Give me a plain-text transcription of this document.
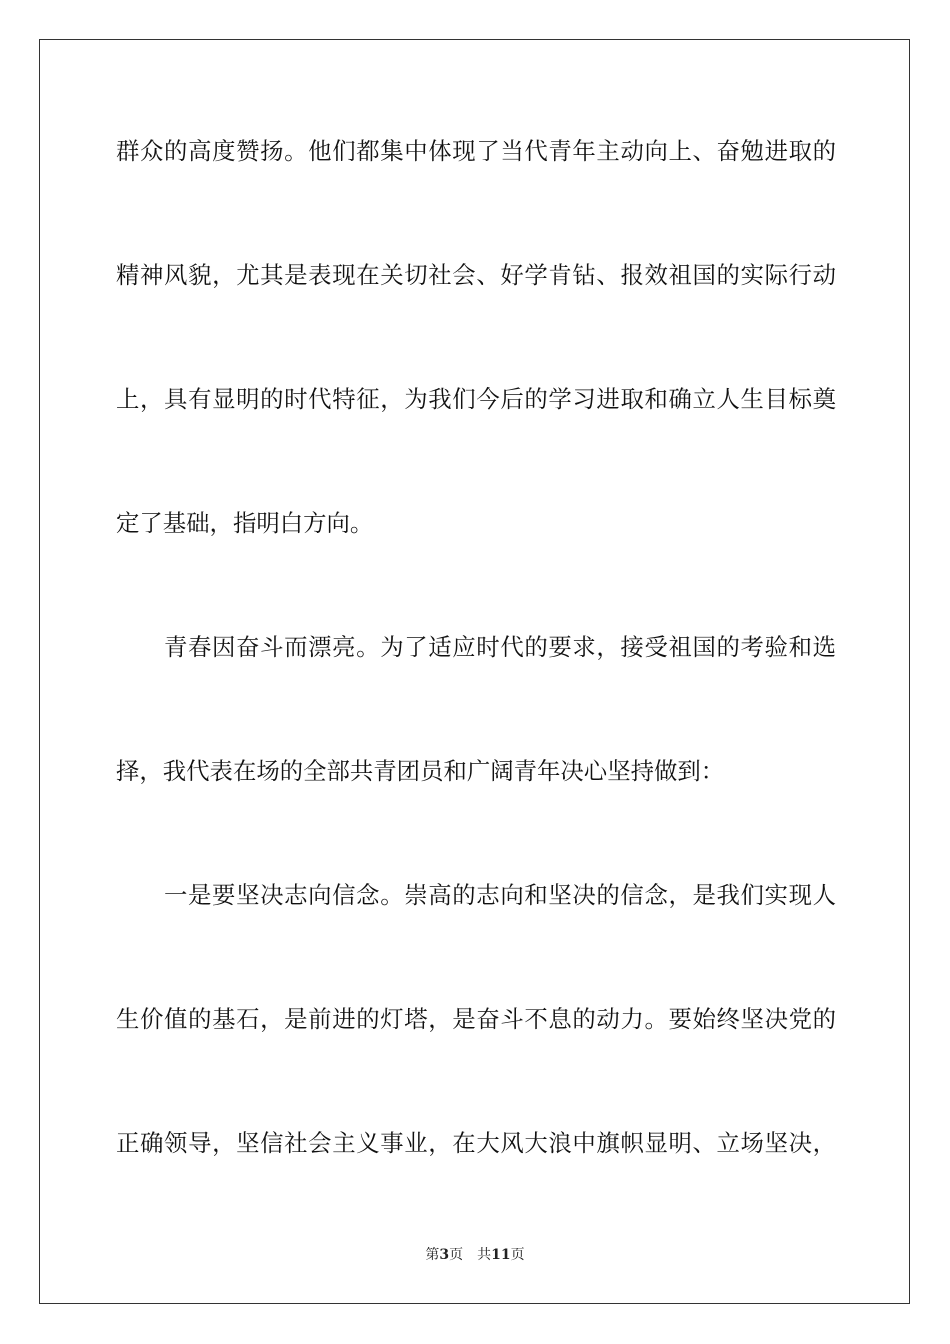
群众的高度赞扬。他们都集中体现了当代青年主动向上、奋勉进取的
精神风貌，尤其是表现在关切社会、好学肯钻、报效祖国的实际行动
上，具有显明的时代特征，为我们今后的学习进取和确立人生目标奠
定了基础，指明白方向。
青春因奋斗而漂亮。为了适应时代的要求，接受祖国的考验和选
择，我代表在场的全部共青团员和广阔青年决心坚持做到：
一是要坚决志向信念。崇高的志向和坚决的信念，是我们实现人
生价值的基石，是前进的灯塔，是奋斗不息的动力。要始终坚决党的
正确领导，坚信社会主义事业，在大风大浪中旗帜显明、立场坚决，
第3页 共11页
